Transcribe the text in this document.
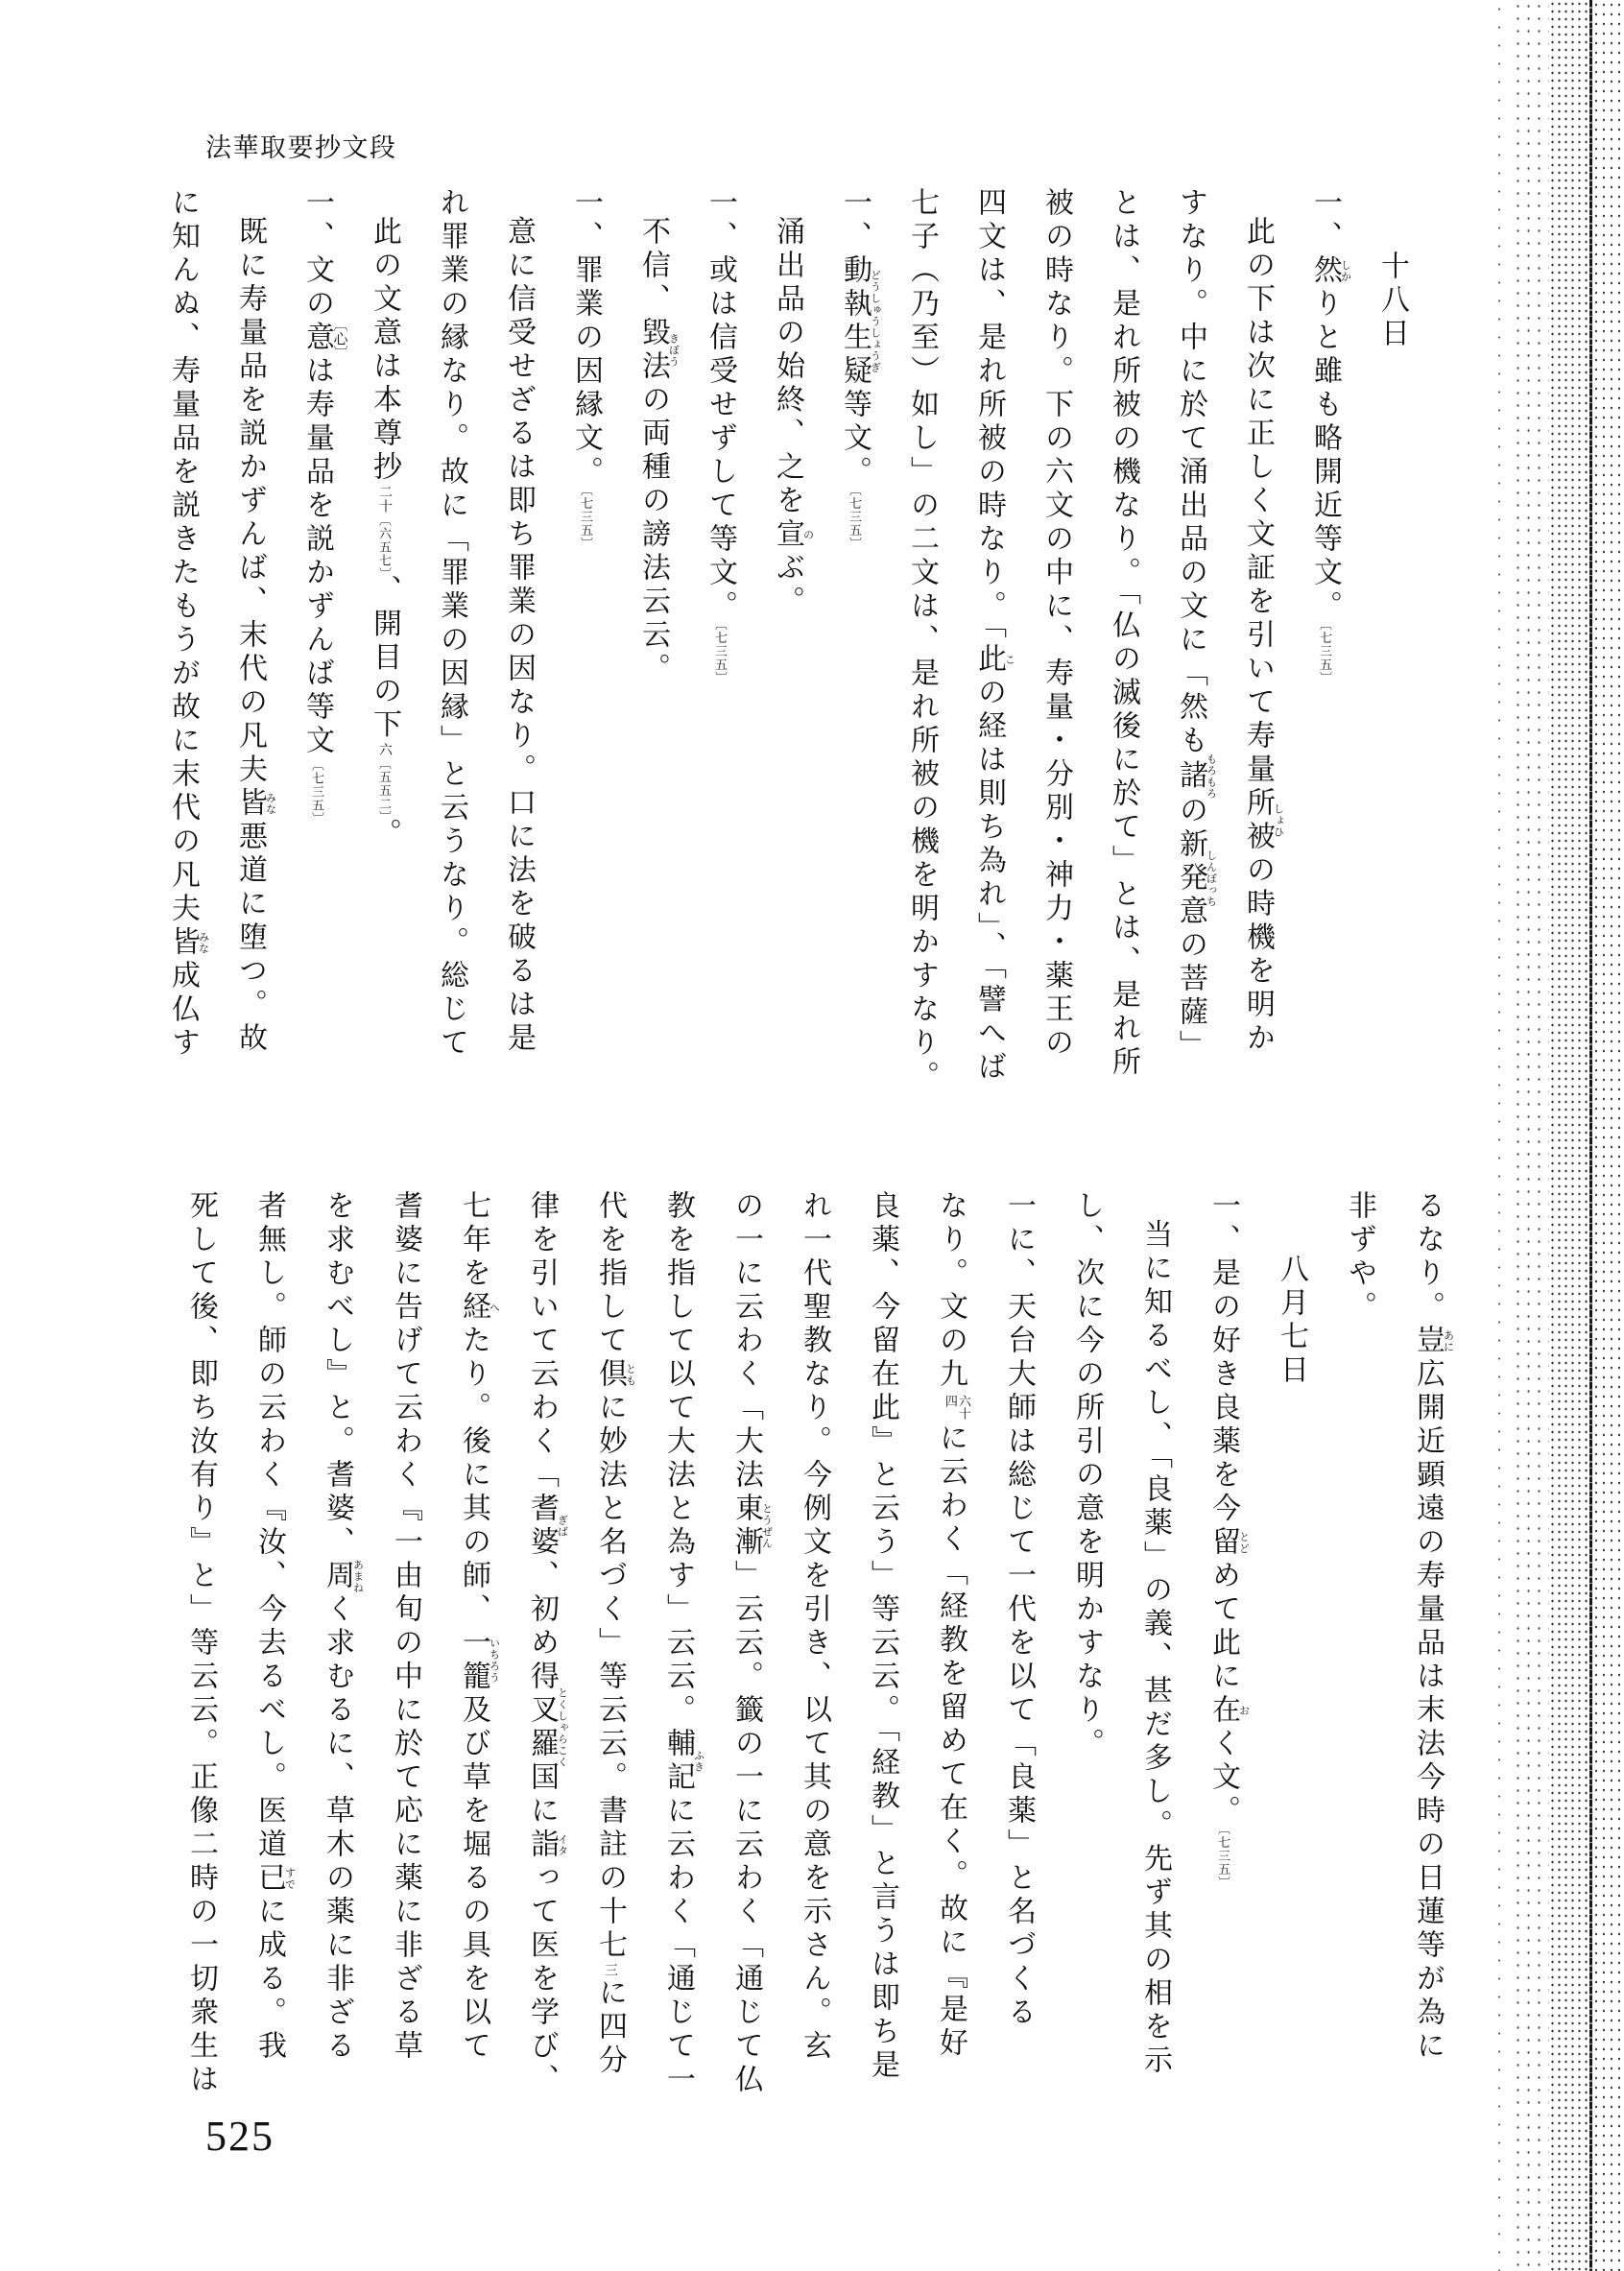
法華取要抄文段
十八日
一、然しかりと雖も略開近等文。〔七三五〕
此の下は次に正しく文証を引いて寿量所被しょひの時機を明か
すなり。中に於て涌出品の文に「然も諸もろもろの新発意しんぼっちの菩薩」
とは、是れ所被の機なり。「仏の滅後に於て」とは、是れ所
被の時なり。下の六文の中に、寿量・分別・神力・薬王の
四文は、是れ所被の時なり。「此この経は則ち為れ」、「譬へば
七子（乃至）如し」の二文は、是れ所被の機を明かすなり。
一、動執生疑どうしゅうしょうぎ等文。〔七三五〕
涌出品の始終、之を宣のぶ。
一、或は信受せずして等文。〔七三五〕
不信、毀法きぼうの両種の謗法云云。
一、罪業の因縁文。〔七三五〕
意に信受せざるは即ち罪業の因なり。口に法を破るは是
れ罪業の縁なり。故に「罪業の因縁」と云うなり。総じて
此の文意は本尊抄二十〔六五七〕、開目の下六〔五五二〕。
一、文の意〔心〕は寿量品を説かずんば等文〔七三五〕
既に寿量品を説かずんば、末代の凡夫皆みな悪道に堕つ。故
に知んぬ、寿量品を説きたもうが故に末代の凡夫皆みな成仏す
るなり。豈あに広開近顕遠の寿量品は末法今時の日蓮等が為に
非ずや。
八月七日
一、是の好き良薬を今留とどめて此に在おく文。〔七三五〕
当に知るべし、「良薬」の義、甚だ多し。先ず其の相を示
し、次に今の所引の意を明かすなり。
一に、天台大師は総じて一代を以て「良薬」と名づくる
なり。文の九
六十
四
に云わく「経教を留めて在く。故に『是好
良薬、今留在此』と云う」等云云。「経教」と言うは即ち是
れ一代聖教なり。今例文を引き、以て其の意を示さん。玄
の一に云わく「大法東漸とうぜん」云云。籤の一に云わく「通じて仏
教を指して以て大法と為す」云云。輔記ふきに云わく「通じて一
代を指して倶ともに妙法と名づく」等云云。書註の十七三に四分
律を引いて云わく「耆婆ぎば、初め得叉羅国とくしゃらこくに詣イタって医を学び、
七年を経へたり。後に其の師、一籠いちろう及び草を堀るの具を以て
耆婆に告げて云わく『一由旬の中に於て応に薬に非ざる草
を求むべし』と。耆婆、周あまねく求むるに、草木の薬に非ざる
者無し。師の云わく『汝、今去るべし。医道已すでに成る。我
死して後、即ち汝有り』と」等云云。正像二時の一切衆生は
525
